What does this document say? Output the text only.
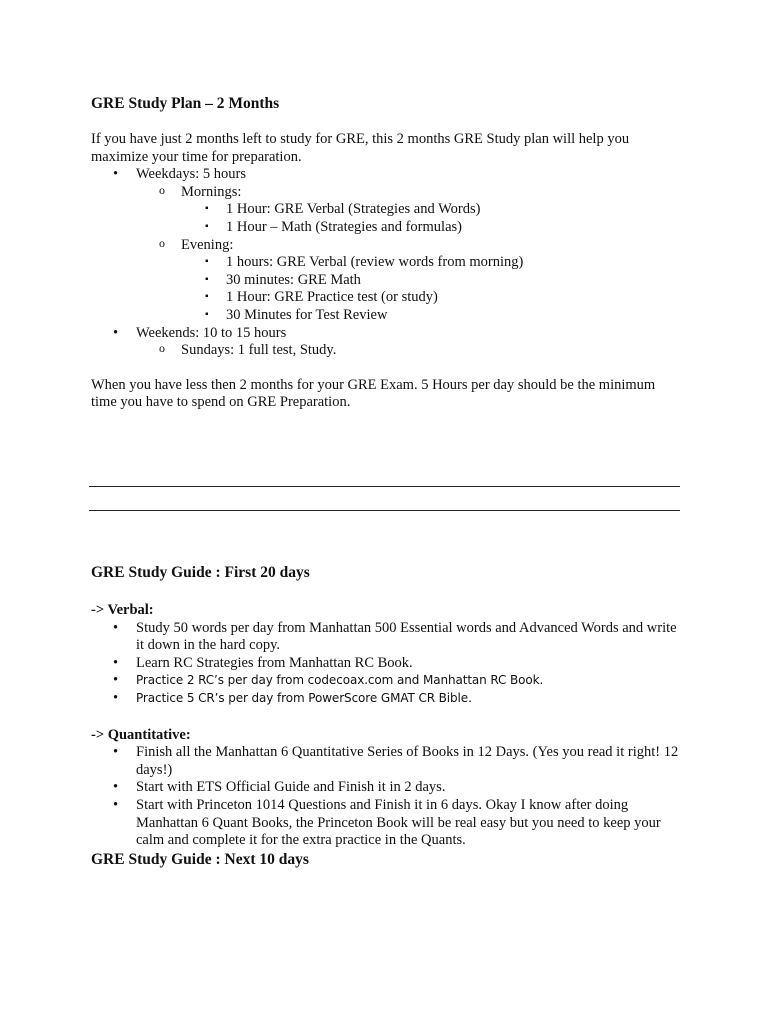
GRE Study Plan – 2 Months

If you have just 2 months left to study for GRE, this 2 months GRE Study plan will help you maximize your time for preparation.

•	Weekdays: 5 hours
o Mornings:
▪ 1 Hour: GRE Verbal (Strategies and Words)
▪ 1 Hour – Math (Strategies and formulas)
o Evening:
▪ 1 hours: GRE Verbal (review words from morning)
▪ 30 minutes: GRE Math
▪ 1 Hour: GRE Practice test (or study)
▪ 30 Minutes for Test Review
•	Weekends: 10 to 15 hours
o Sundays: 1 full test, Study.

When you have less then 2 months for your GRE Exam. 5 Hours per day should be the minimum time you have to spend on GRE Preparation.

GRE Study Guide : First 20 days

-> Verbal:

•	Study 50 words per day from Manhattan 500 Essential words and Advanced Words and write it down in the hard copy.
•	Learn RC Strategies from Manhattan RC Book.
•	Practice 2 RC’s per day from codecoax.com and Manhattan RC Book.
•	Practice 5 CR’s per day from PowerScore GMAT CR Bible.

-> Quantitative:

•	Finish all the Manhattan 6 Quantitative Series of Books in 12 Days. (Yes you read it right! 12 days!)
•	Start with ETS Official Guide and Finish it in 2 days.
•	Start with Princeton 1014 Questions and Finish it in 6 days. Okay I know after doing Manhattan 6 Quant Books, the Princeton Book will be real easy but you need to keep your calm and complete it for the extra practice in the Quants.
GRE Study Guide : Next 10 days
